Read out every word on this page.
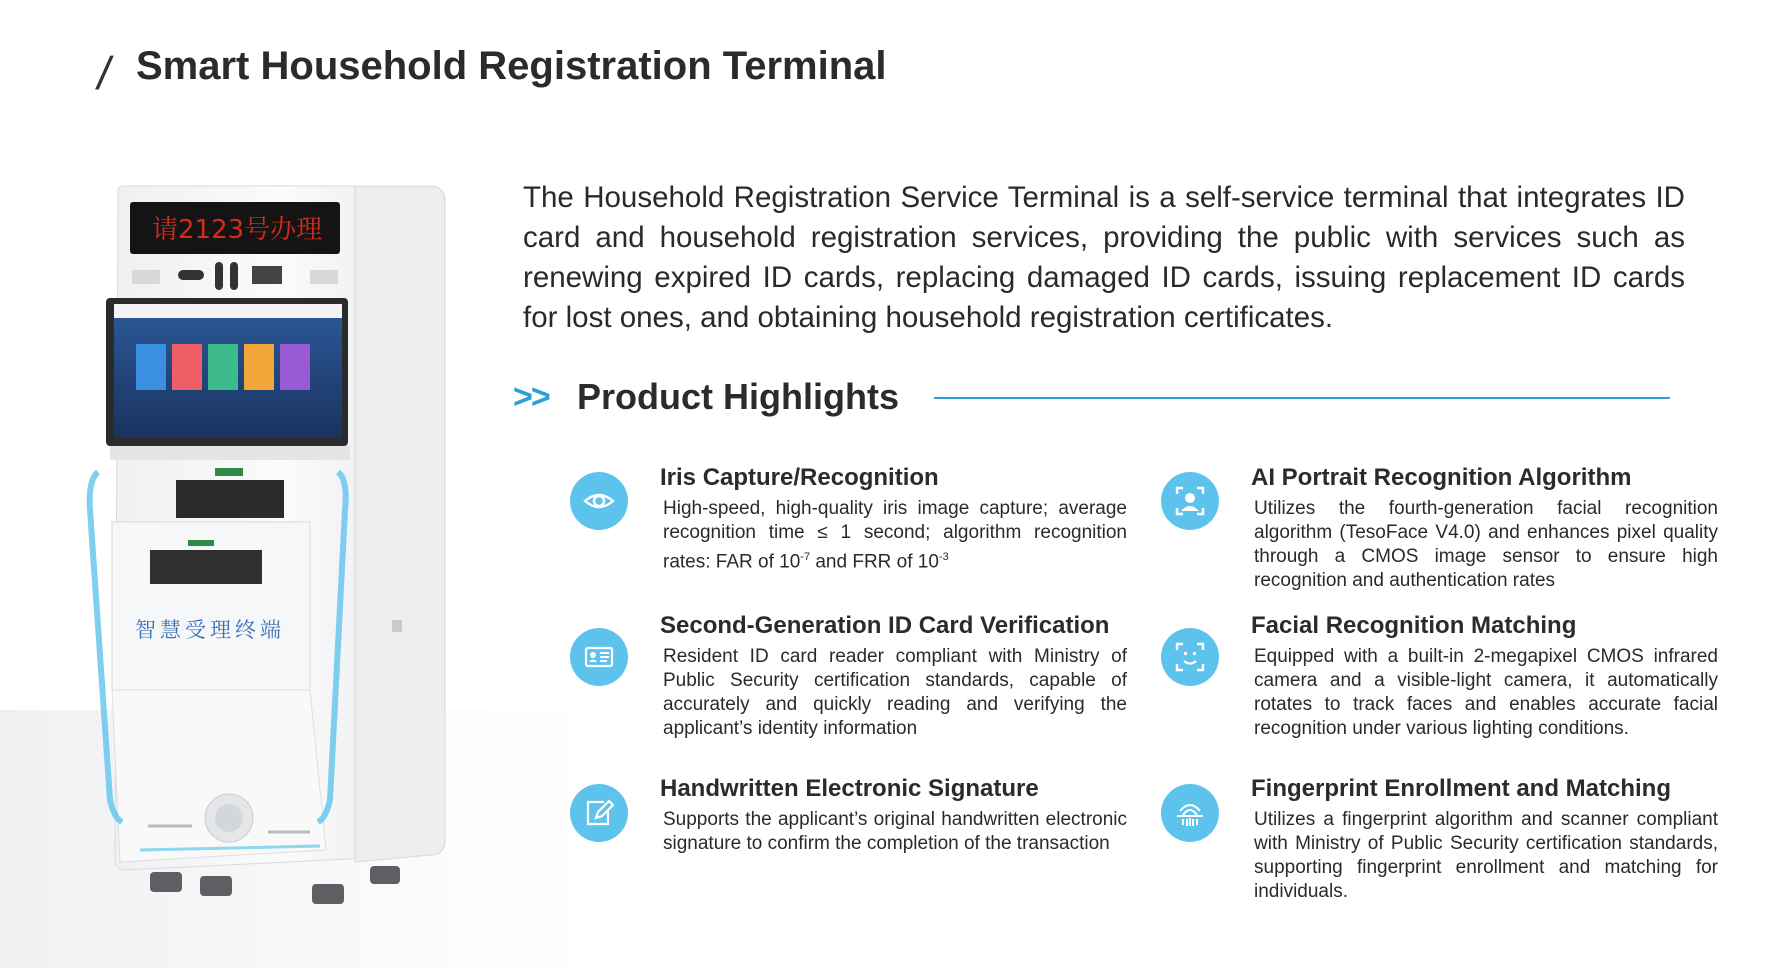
/ Smart Household Registration Terminal
请2123号办理
智慧受理终端
The Household Registration Service Terminal is a self-service terminal that integrates ID card and household registration services, providing the public with services such as renewing expired ID cards, replacing damaged ID cards, issuing replacement ID cards for lost ones, and obtaining household registration certificates.
>> Product Highlights
Iris Capture/Recognition
High-speed, high-quality iris image capture; average recognition time ≤ 1 second; algorithm recognition rates: FAR of $10^{-7}$ and FRR of $10^{-3}$
AI Portrait Recognition Algorithm
Utilizes the fourth-generation facial recognition algorithm (TesoFace V4.0) and enhances pixel quality through a CMOS image sensor to ensure high recognition and authentication rates
Second-Generation ID Card Verification
Resident ID card reader compliant with Ministry of Public Security certification standards, capable of accurately and quickly reading and verifying the applicant’s identity information
Facial Recognition Matching
Equipped with a built-in 2-megapixel CMOS infrared camera and a visible-light camera, it automatically rotates to track faces and enables accurate facial recognition under various lighting conditions.
Handwritten Electronic Signature
Supports the applicant’s original handwritten electronic signature to confirm the completion of the transaction
Fingerprint Enrollment and Matching
Utilizes a fingerprint algorithm and scanner compliant with Ministry of Public Security certification standards, supporting fingerprint enrollment and matching for individuals.
